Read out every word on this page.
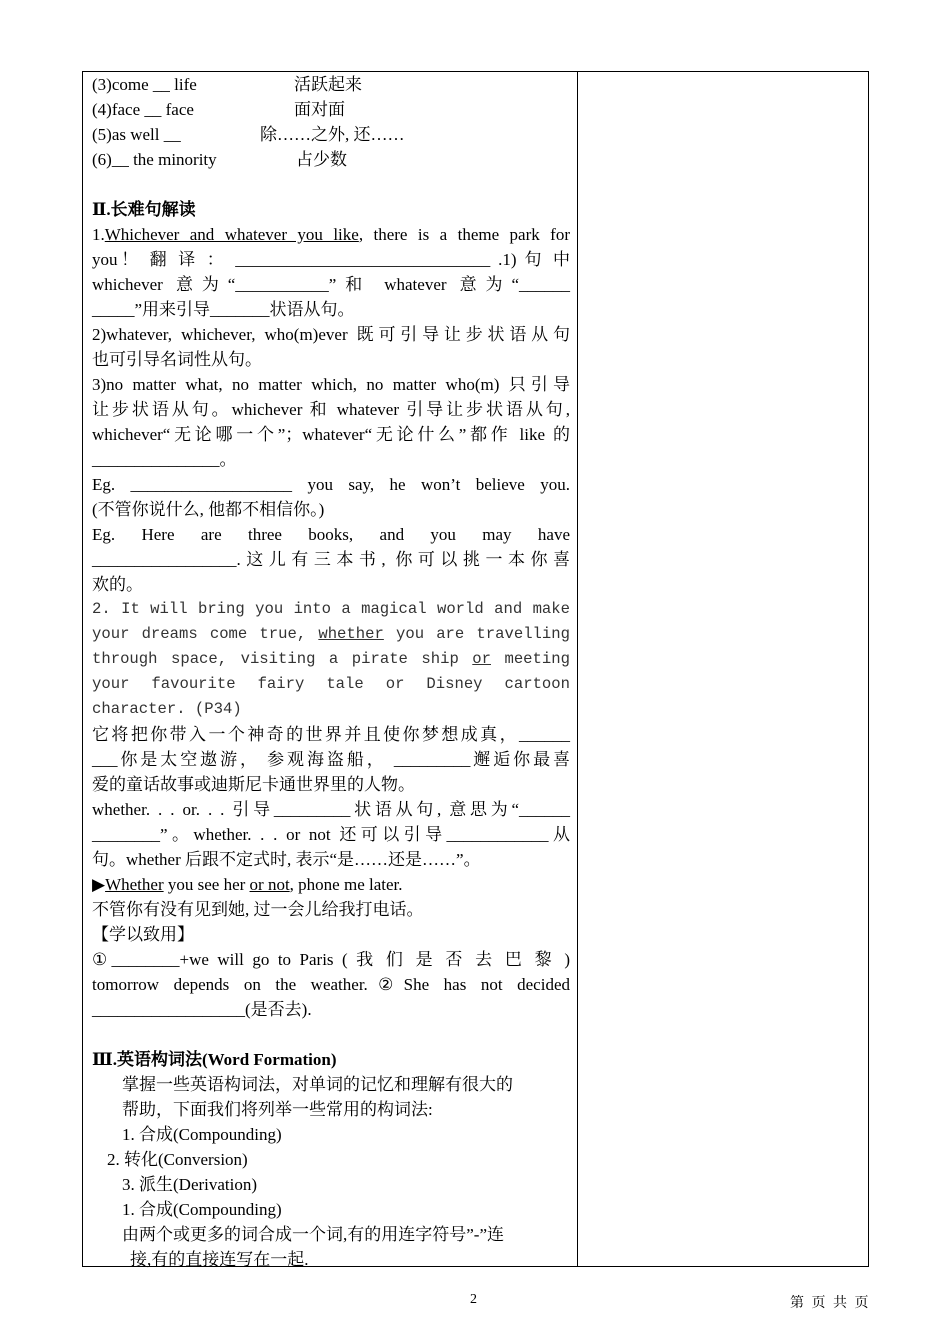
(3)come __ life	活跃起来
(4)face __ face	面对面
(5)as well __	除……之外, 还……
(6)__ the minority	占少数
Ⅱ.长难句解读
1.Whichever and whatever you like, there is a theme park for
you！ 翻 译 ： ______________________________ .1) 句 中
whichever 意为“___________”和 whatever 意为“______
_____”用来引导_______状语从句。
2)whatever, whichever, who(m)ever 既可引导让步状语从句
也可引导名词性从句。
3)no matter what, no matter which, no matter who(m) 只引导
让步状语从句。whichever 和 whatever 引导让步状语从句,
whichever“无论哪一个”；whatever“无论什么”都作 like 的
_______________。
Eg. ___________________ you say, he won’t believe you.
(不管你说什么, 他都不相信你。)
Eg. Here are three books, and you may have
_________________.这儿有三本书, 你可以挑一本你喜
欢的。
2. It will bring you into a magical world and make
your dreams come true, whether you are travelling
through space, visiting a pirate ship or meeting
your favourite fairy tale or Disney cartoon
character. (P34)
它将把你带入一个神奇的世界并且使你梦想成真，______
___你是太空遨游， 参观海盗船， _________邂逅你最喜
爱的童话故事或迪斯尼卡通世界里的人物。
whether. . . or. . . 引导_________状语从句, 意思为“______
________”。whether. . . or not 还可以引导____________从
句。whether 后跟不定式时, 表示“是……还是……”。
▶Whether you see her or not, phone me later.
不管你有没有见到她, 过一会儿给我打电话。
【学以致用】
①________+we will go to Paris ( 我 们 是 否 去 巴 黎 )
tomorrow depends on the weather.②She has not decided
__________________(是否去).
Ⅲ.英语构词法(Word Formation)
掌握一些英语构词法，对单词的记忆和理解有很大的
帮助，下面我们将列举一些常用的构词法:
1. 合成(Compounding)
2. 转化(Conversion)
3. 派生(Derivation)
1. 合成(Compounding)
由两个或更多的词合成一个词,有的用连字符号”-”连
接,有的直接连写在一起.
2	第 页 共 页
